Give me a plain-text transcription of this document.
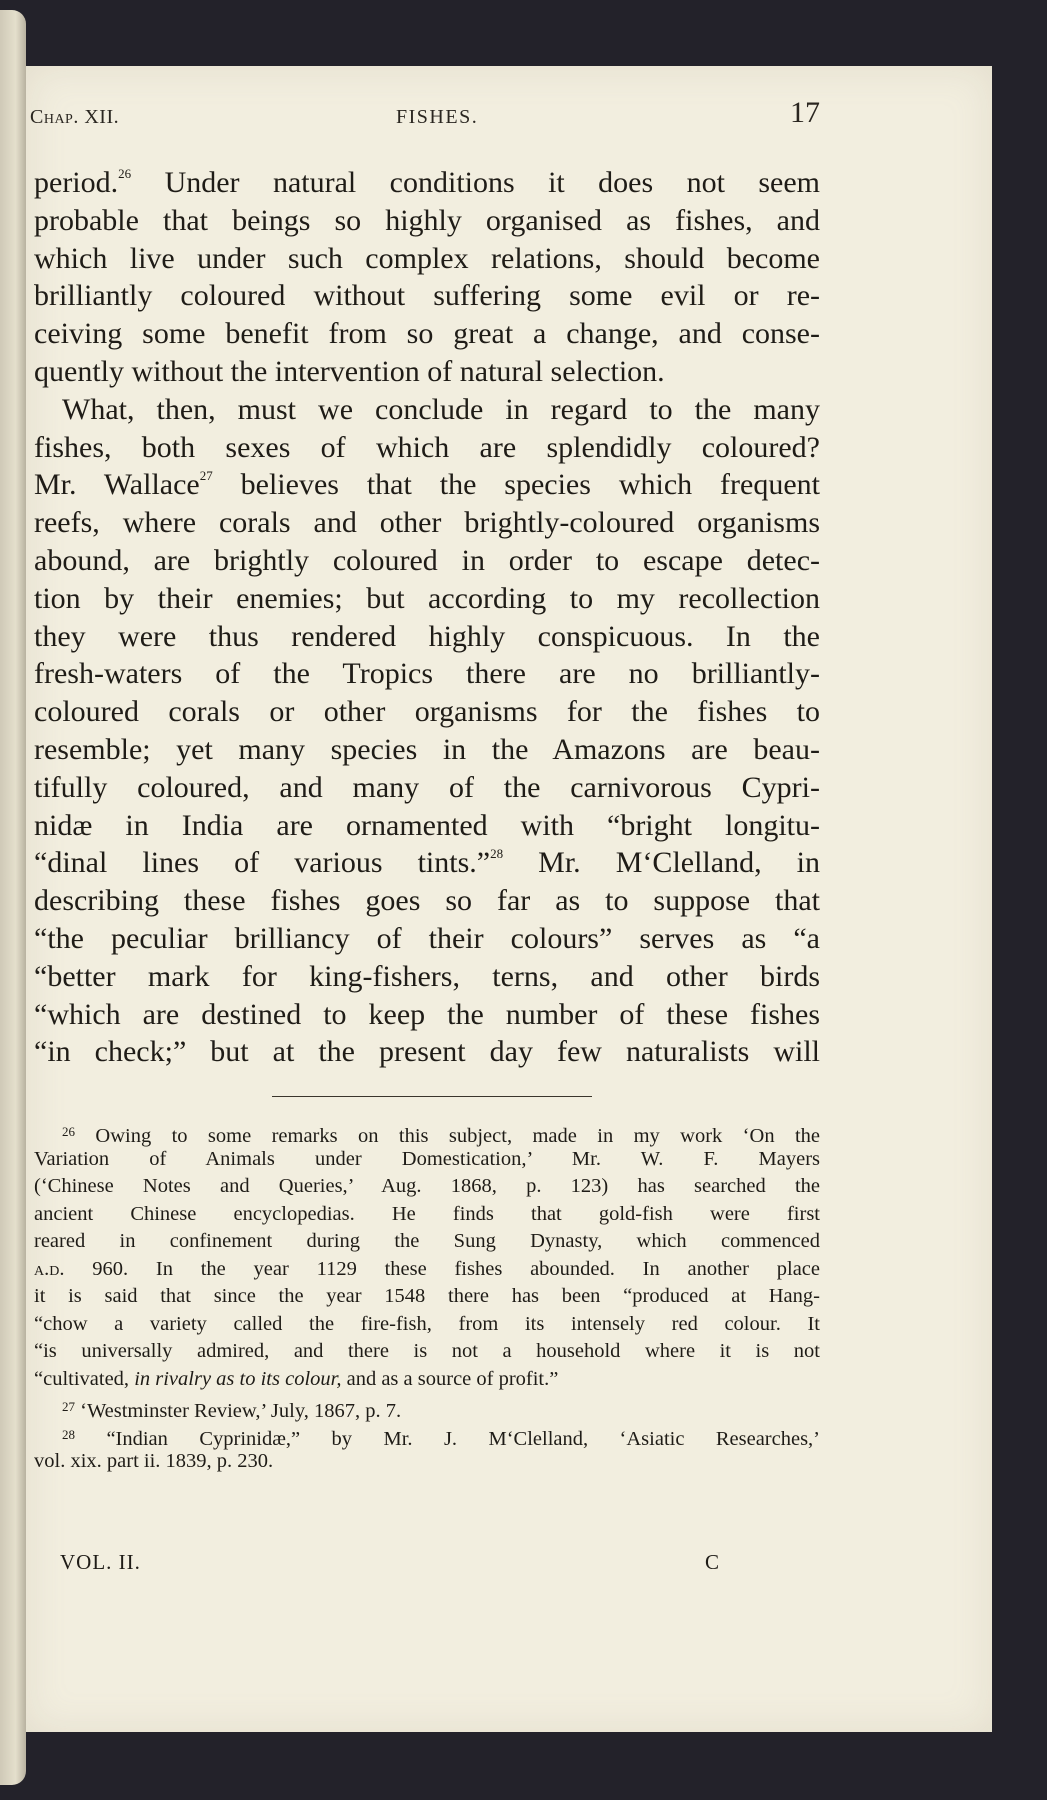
Chap. XII.	FISHES.	17
period.$^{26}$ Under natural conditions it does not seem
probable that beings so highly organised as fishes, and
which live under such complex relations, should become
brilliantly coloured without suffering some evil or re-
ceiving some benefit from so great a change, and conse-
quently without the intervention of natural selection.
What, then, must we conclude in regard to the many
fishes, both sexes of which are splendidly coloured?
Mr. Wallace$^{27}$ believes that the species which frequent
reefs, where corals and other brightly-coloured organisms
abound, are brightly coloured in order to escape detec-
tion by their enemies; but according to my recollection
they were thus rendered highly conspicuous. In the
fresh-waters of the Tropics there are no brilliantly-
coloured corals or other organisms for the fishes to
resemble; yet many species in the Amazons are beau-
tifully coloured, and many of the carnivorous Cypri-
nidæ in India are ornamented with “bright longitu-
“dinal lines of various tints.”$^{28}$ Mr. M‘Clelland, in
describing these fishes goes so far as to suppose that
“the peculiar brilliancy of their colours” serves as “a
“better mark for king-fishers, terns, and other birds
“which are destined to keep the number of these fishes
“in check;” but at the present day few naturalists will
$^{26}$ Owing to some remarks on this subject, made in my work ‘On the
Variation of Animals under Domestication,’ Mr. W. F. Mayers
(‘Chinese Notes and Queries,’ Aug. 1868, p. 123) has searched the
ancient Chinese encyclopedias. He finds that gold-fish were first
reared in confinement during the Sung Dynasty, which commenced
a.d. 960. In the year 1129 these fishes abounded. In another place
it is said that since the year 1548 there has been “produced at Hang-
“chow a variety called the fire-fish, from its intensely red colour. It
“is universally admired, and there is not a household where it is not
“cultivated, in rivalry as to its colour, and as a source of profit.”
$^{27}$ ‘Westminster Review,’ July, 1867, p. 7.
$^{28}$ “Indian Cyprinidæ,” by Mr. J. M‘Clelland, ‘Asiatic Researches,’
vol. xix. part ii. 1839, p. 230.
VOL. II.	C
